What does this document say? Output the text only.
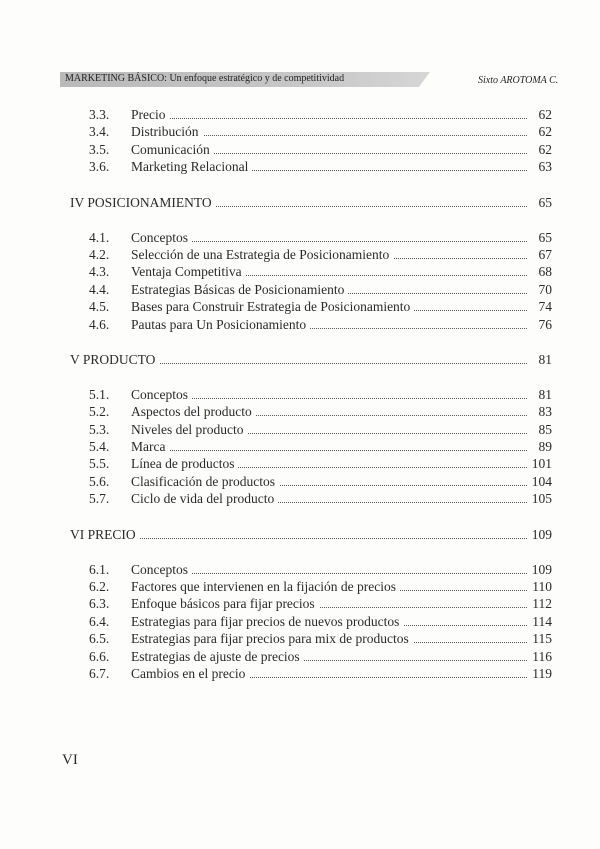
MARKETING BÁSICO: Un enfoque estratégico y de competitividad	Sixto AROTOMA C.
3.3. Precio	62
3.4. Distribución	62
3.5. Comunicación	62
3.6. Marketing Relacional	63
IV POSICIONAMIENTO	65
4.1. Conceptos	65
4.2. Selección de una Estrategia de Posicionamiento	67
4.3. Ventaja Competitiva	68
4.4. Estrategias Básicas de Posicionamiento	70
4.5. Bases para Construir Estrategia de Posicionamiento	74
4.6. Pautas para Un Posicionamiento	76
V PRODUCTO	81
5.1. Conceptos	81
5.2. Aspectos del producto	83
5.3. Niveles del producto	85
5.4. Marca	89
5.5. Línea de productos	101
5.6. Clasificación de productos	104
5.7. Ciclo de vida del producto	105
VI PRECIO	109
6.1. Conceptos	109
6.2. Factores que intervienen en la fijación de precios	110
6.3. Enfoque básicos para fijar precios	112
6.4. Estrategias para fijar precios de nuevos productos	114
6.5. Estrategias para fijar precios para mix de productos	115
6.6. Estrategias de ajuste de precios	116
6.7. Cambios en el precio	119
VI
